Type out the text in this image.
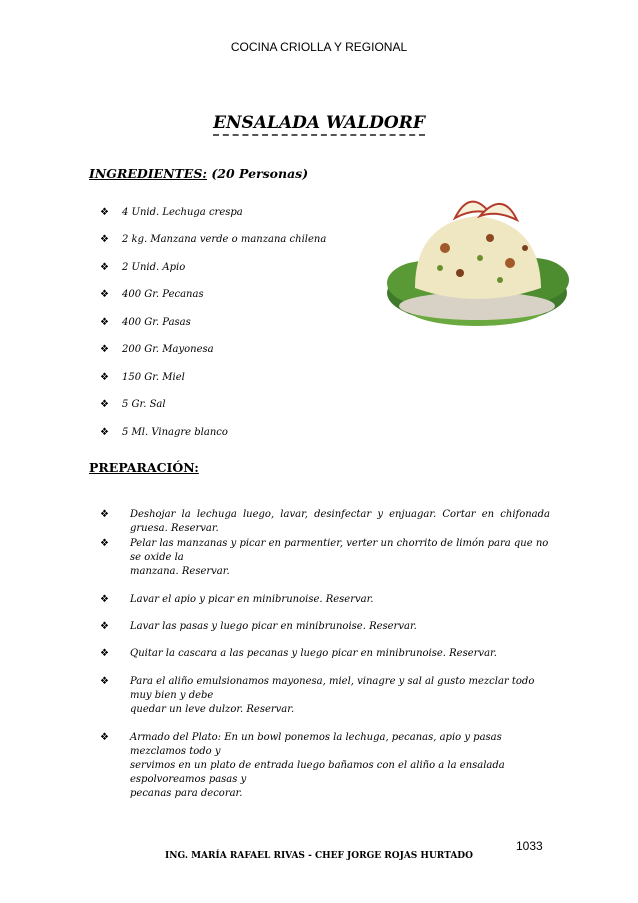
COCINA CRIOLLA Y REGIONAL
ENSALADA WALDORF
INGREDIENTES: (20 Personas)
❖ 4 Unid. Lechuga crespa
❖ 2 kg. Manzana verde o manzana chilena
❖ 2 Unid. Apio
❖ 400 Gr. Pecanas
❖ 400 Gr. Pasas
❖ 200 Gr. Mayonesa
❖ 150 Gr. Miel
❖ 5 Gr. Sal
❖ 5 Ml. Vinagre blanco
PREPARACIÓN:
❖	Deshojar la lechuga luego, lavar, desinfectar y enjuagar. Cortar en chifonada gruesa. Reservar.
❖	Pelar las manzanas y picar en parmentier, verter un chorrito de limón para que no se oxide la
manzana. Reservar.
❖	Lavar el apio y picar en minibrunoise. Reservar.
❖	Lavar las pasas y luego picar en minibrunoise. Reservar.
❖	Quitar la cascara a las pecanas y luego picar en minibrunoise. Reservar.
❖	Para el aliño emulsionamos mayonesa, miel, vinagre y sal al gusto mezclar todo muy bien y debe
quedar un leve dulzor. Reservar.
❖	Armado del Plato: En un bowl ponemos la lechuga, pecanas, apio y pasas mezclamos todo y
servimos en un plato de entrada luego bañamos con el aliño a la ensalada espolvoreamos pasas y
pecanas para decorar.
1033
ING. MARÍA RAFAEL RIVAS - CHEF JORGE ROJAS HURTADO
